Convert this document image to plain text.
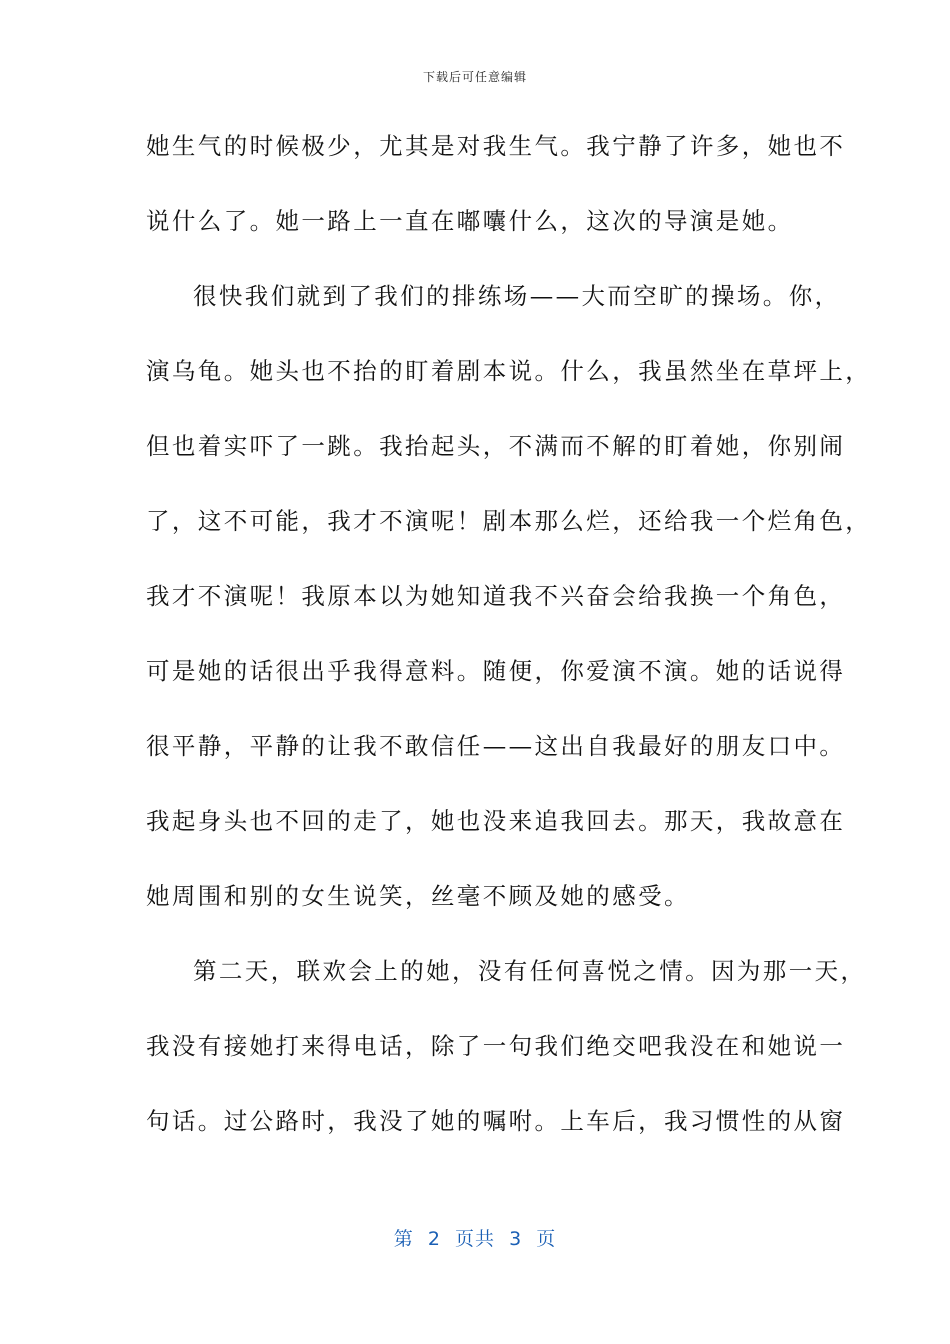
下载后可任意编辑
她生气的时候极少，尤其是对我生气。我宁静了许多，她也不
说什么了。她一路上一直在嘟囔什么，这次的导演是她。
很快我们就到了我们的排练场——大而空旷的操场。你，
演乌龟。她头也不抬的盯着剧本说。什么，我虽然坐在草坪上，
但也着实吓了一跳。我抬起头，不满而不解的盯着她，你别闹
了，这不可能，我才不演呢！剧本那么烂，还给我一个烂角色，
我才不演呢！我原本以为她知道我不兴奋会给我换一个角色，
可是她的话很出乎我得意料。随便，你爱演不演。她的话说得
很平静，平静的让我不敢信任——这出自我最好的朋友口中。
我起身头也不回的走了，她也没来追我回去。那天，我故意在
她周围和别的女生说笑，丝毫不顾及她的感受。
第二天，联欢会上的她，没有任何喜悦之情。因为那一天，
我没有接她打来得电话，除了一句我们绝交吧我没在和她说一
句话。过公路时，我没了她的嘱咐。上车后，我习惯性的从窗
第  2  页共  3  页
